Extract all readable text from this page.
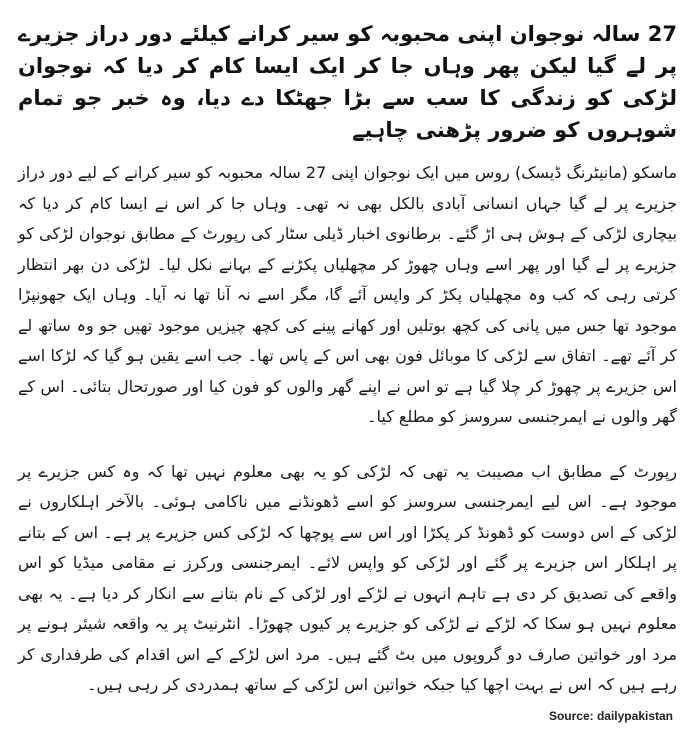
27 سالہ نوجوان اپنی محبوبہ کو سیر کرانے کیلئے دور دراز جزیرے پر لے گیا لیکن پھر وہاں جا کر ایک ایسا کام کر دیا کہ نوجوان لڑکی کو زندگی کا سب سے بڑا جھٹکا دے دیا، وہ خبر جو تمام شوہروں کو ضرور پڑھنی چاہیے

ماسکو (مانیٹرنگ ڈیسک) روس میں ایک نوجوان اپنی 27 سالہ محبوبہ کو سیر کرانے کے لیے دور دراز جزیرے پر لے گیا جہاں انسانی آبادی بالکل بھی نہ تھی۔ وہاں جا کر اس نے ایسا کام کر دیا کہ بیچاری لڑکی کے ہوش ہی اڑ گئے۔ برطانوی اخبار ڈیلی سٹار کی رپورٹ کے مطابق نوجوان لڑکی کو جزیرے پر لے گیا اور پھر اسے وہاں چھوڑ کر مچھلیاں پکڑنے کے بہانے نکل لیا۔ لڑکی دن بھر انتظار کرتی رہی کہ کب وہ مچھلیاں پکڑ کر واپس آئے گا، مگر اسے نہ آنا تھا نہ آیا۔ وہاں ایک جھونپڑا موجود تھا جس میں پانی کی کچھ بوتلیں اور کھانے پینے کی کچھ چیزیں موجود تھیں جو وہ ساتھ لے کر آئے تھے۔ اتفاق سے لڑکی کا موبائل فون بھی اس کے پاس تھا۔ جب اسے یقین ہو گیا کہ لڑکا اسے اس جزیرے پر چھوڑ کر چلا گیا ہے تو اس نے اپنے گھر والوں کو فون کیا اور صورتحال بتائی۔ اس کے گھر والوں نے ایمرجنسی سروسز کو مطلع کیا۔

رپورٹ کے مطابق اب مصیبت یہ تھی کہ لڑکی کو یہ بھی معلوم نہیں تھا کہ وہ کس جزیرے پر موجود ہے۔ اس لیے ایمرجنسی سروسز کو اسے ڈھونڈنے میں ناکامی ہوئی۔ بالآخر اہلکاروں نے لڑکی کے اس دوست کو ڈھونڈ کر پکڑا اور اس سے پوچھا کہ لڑکی کس جزیرے پر ہے۔ اس کے بتانے پر اہلکار اس جزیرے پر گئے اور لڑکی کو واپس لائے۔ ایمرجنسی ورکرز نے مقامی میڈیا کو اس واقعے کی تصدیق کر دی ہے تاہم انہوں نے لڑکے اور لڑکی کے نام بتانے سے انکار کر دیا ہے۔ یہ بھی معلوم نہیں ہو سکا کہ لڑکے نے لڑکی کو جزیرے پر کیوں چھوڑا۔ انٹرنیٹ پر یہ واقعہ شیئر ہونے پر مرد اور خواتین صارف دو گروپوں میں بٹ گئے ہیں۔ مرد اس لڑکے کے اس اقدام کی طرفداری کر رہے ہیں کہ اس نے بہت اچھا کیا جبکہ خواتین اس لڑکی کے ساتھ ہمدردی کر رہی ہیں۔

Source: dailypakistan
